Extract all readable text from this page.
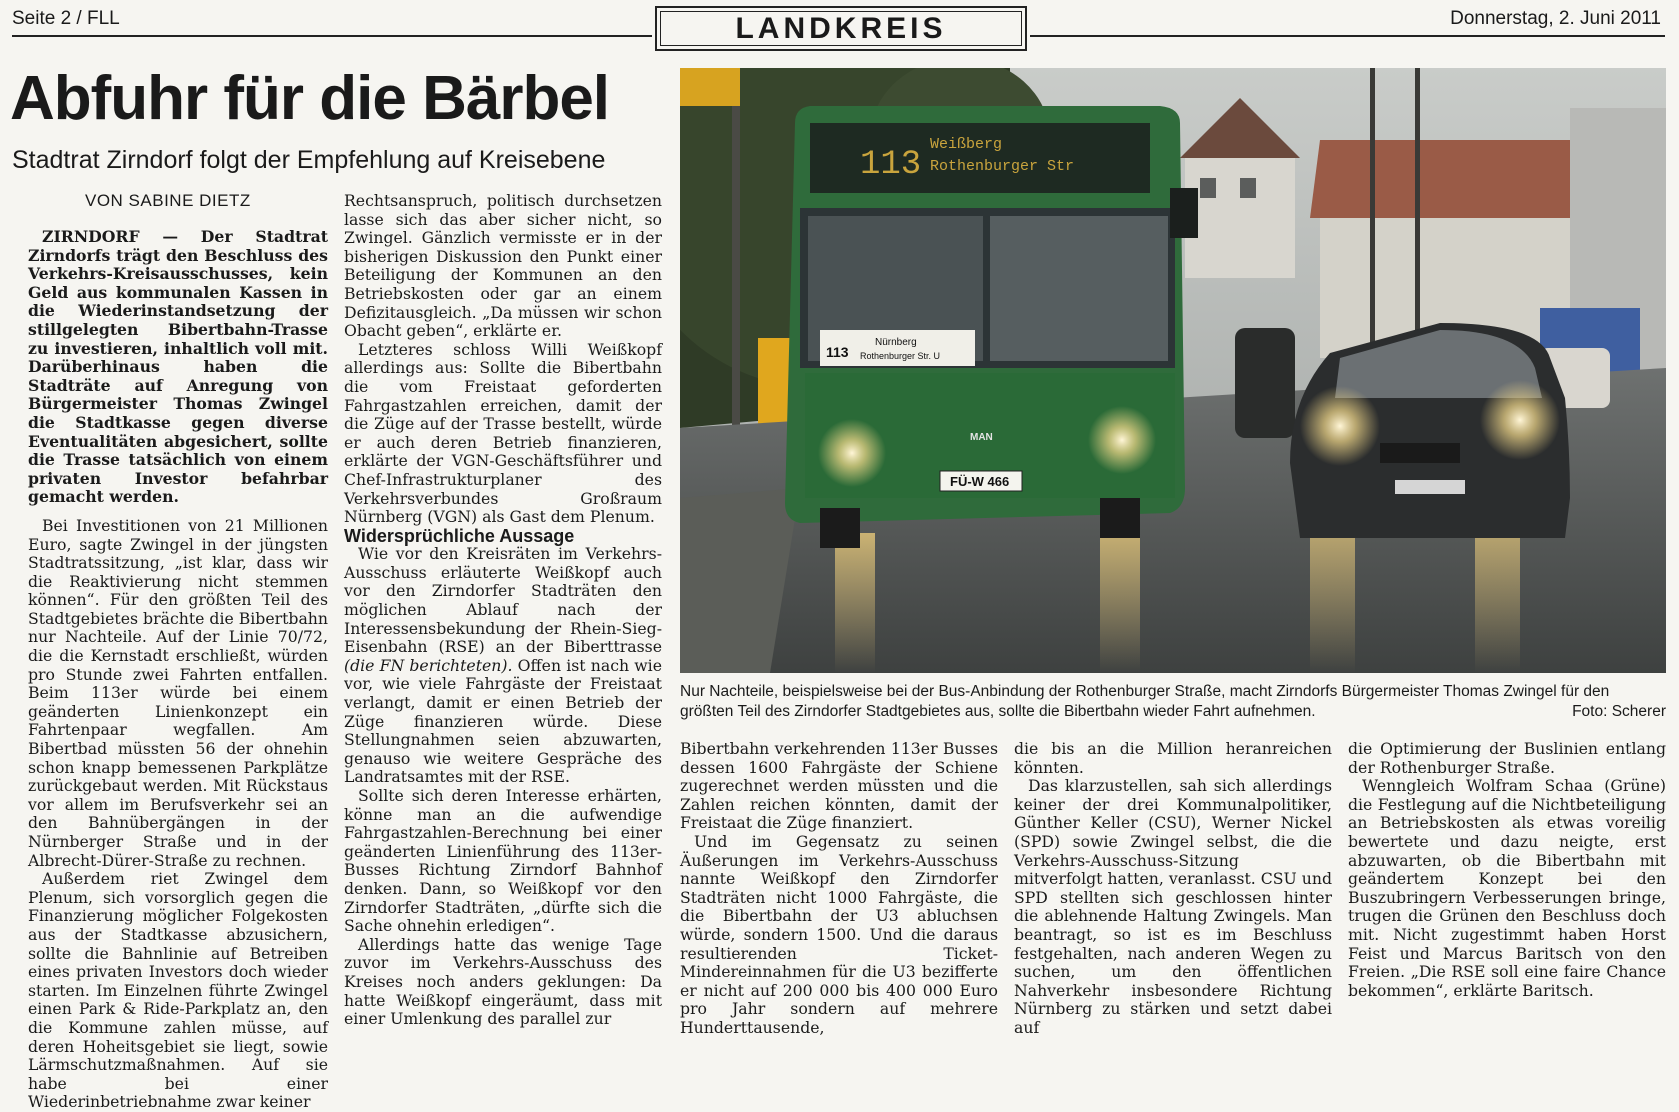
Seite 2 / FLL	LANDKREIS	Donnerstag, 2. Juni 2011
Abfuhr für die Bärbel
Stadtrat Zirndorf folgt der Empfehlung auf Kreisebene
VON SABINE DIETZ

ZIRNDORF — Der Stadtrat Zirndorfs trägt den Beschluss des Verkehrs-Kreisausschusses, kein Geld aus kommunalen Kassen in die Wiederinstandsetzung der stillgelegten Bibertbahn-Trasse zu investieren, inhaltlich voll mit. Darüberhinaus haben die Stadträte auf Anregung von Bürgermeister Thomas Zwingel die Stadtkasse gegen diverse Eventualitäten abgesichert, sollte die Trasse tatsächlich von einem privaten Investor befahrbar gemacht werden.

Bei Investitionen von 21 Millionen Euro, sagte Zwingel in der jüngsten Stadtratssitzung, „ist klar, dass wir die Reaktivierung nicht stemmen können“. Für den größten Teil des Stadtgebietes brächte die Bibertbahn nur Nachteile. Auf der Linie 70/72, die die Kernstadt erschließt, würden pro Stunde zwei Fahrten entfallen. Beim 113er würde bei einem geänderten Linienkonzept ein Fahrtenpaar wegfallen. Am Bibertbad müssten 56 der ohnehin schon knapp bemessenen Parkplätze zurückgebaut werden. Mit Rückstaus vor allem im Berufsverkehr sei an den Bahnübergängen in der Nürnberger Straße und in der Albrecht-Dürer-Straße zu rechnen.

Außerdem riet Zwingel dem Plenum, sich vorsorglich gegen die Finanzierung möglicher Folgekosten aus der Stadtkasse abzusichern, sollte die Bahnlinie auf Betreiben eines privaten Investors doch wieder starten. Im Einzelnen führte Zwingel einen Park & Ride-Parkplatz an, den die Kommune zahlen müsse, auf deren Hoheitsgebiet sie liegt, sowie Lärmschutzmaßnahmen. Auf sie habe bei einer Wiederinbetriebnahme zwar keiner

Rechtsanspruch, politisch durchsetzen lasse sich das aber sicher nicht, so Zwingel. Gänzlich vermisste er in der bisherigen Diskussion den Punkt einer Beteiligung der Kommunen an den Betriebskosten oder gar an einem Defizitausgleich. „Da müssen wir schon Obacht geben“, erklärte er.

Letzteres schloss Willi Weißkopf allerdings aus: Sollte die Bibertbahn die vom Freistaat geforderten Fahrgastzahlen erreichen, damit der die Züge auf der Trasse bestellt, würde er auch deren Betrieb finanzieren, erklärte der VGN-Geschäftsführer und Chef-Infrastrukturplaner des Verkehrsverbundes Großraum Nürnberg (VGN) als Gast dem Plenum.

Widersprüchliche Aussage

Wie vor den Kreisräten im Verkehrs-Ausschuss erläuterte Weißkopf auch vor den Zirndorfer Stadträten den möglichen Ablauf nach der Interessensbekundung der Rhein-Sieg-Eisenbahn (RSE) an der Biberttrasse (die FN berichteten). Offen ist nach wie vor, wie viele Fahrgäste der Freistaat verlangt, damit er einen Betrieb der Züge finanzieren würde. Diese Stellungnahmen seien abzuwarten, genauso wie weitere Gespräche des Landratsamtes mit der RSE.

Sollte sich deren Interesse erhärten, könne man an die aufwendige Fahrgastzahlen-Berechnung bei einer geänderten Linienführung des 113er-Busses Richtung Zirndorf Bahnhof denken. Dann, so Weißkopf vor den Zirndorfer Stadträten, „dürfte sich die Sache ohnehin erledigen“.

Allerdings hatte das wenige Tage zuvor im Verkehrs-Ausschuss des Kreises noch anders geklungen: Da hatte Weißkopf eingeräumt, dass mit einer Umlenkung des parallel zur

113
Weißberg
Rothenburger Str
113
Nürnberg
Rothenburger Str. U
MAN
FÜ-W 466
Nur Nachteile, beispielsweise bei der Bus-Anbindung der Rothenburger Straße, macht Zirndorfs Bürgermeister Thomas Zwingel für den größten Teil des Zirndorfer Stadtgebietes aus, sollte die Bibertbahn wieder Fahrt aufnehmen.	Foto: Scherer

Bibertbahn verkehrenden 113er Busses dessen 1600 Fahrgäste der Schiene zugerechnet werden müssten und die Zahlen reichen könnten, damit der Freistaat die Züge finanziert.

Und im Gegensatz zu seinen Äußerungen im Verkehrs-Ausschuss nannte Weißkopf den Zirndorfer Stadträten nicht 1000 Fahrgäste, die die Bibertbahn der U3 abluchsen würde, sondern 1500. Und die daraus resultierenden Ticket-Mindereinnahmen für die U3 bezifferte er nicht auf 200 000 bis 400 000 Euro pro Jahr sondern auf mehrere Hunderttausende,

die bis an die Million heranreichen könnten.

Das klarzustellen, sah sich allerdings keiner der drei Kommunalpolitiker, Günther Keller (CSU), Werner Nickel (SPD) sowie Zwingel selbst, die die Verkehrs-Ausschuss-Sitzung mitverfolgt hatten, veranlasst. CSU und SPD stellten sich geschlossen hinter die ablehnende Haltung Zwingels. Man beantragt, so ist es im Beschluss festgehalten, nach anderen Wegen zu suchen, um den öffentlichen Nahverkehr insbesondere Richtung Nürnberg zu stärken und setzt dabei auf

die Optimierung der Buslinien entlang der Rothenburger Straße.

Wenngleich Wolfram Schaa (Grüne) die Festlegung auf die Nichtbeteiligung an Betriebskosten als etwas voreilig bewertete und dazu neigte, erst abzuwarten, ob die Bibertbahn mit geändertem Konzept bei den Buszubringern Verbesserungen bringe, trugen die Grünen den Beschluss doch mit. Nicht zugestimmt haben Horst Feist und Marcus Baritsch von den Freien. „Die RSE soll eine faire Chance bekommen“, erklärte Baritsch.
